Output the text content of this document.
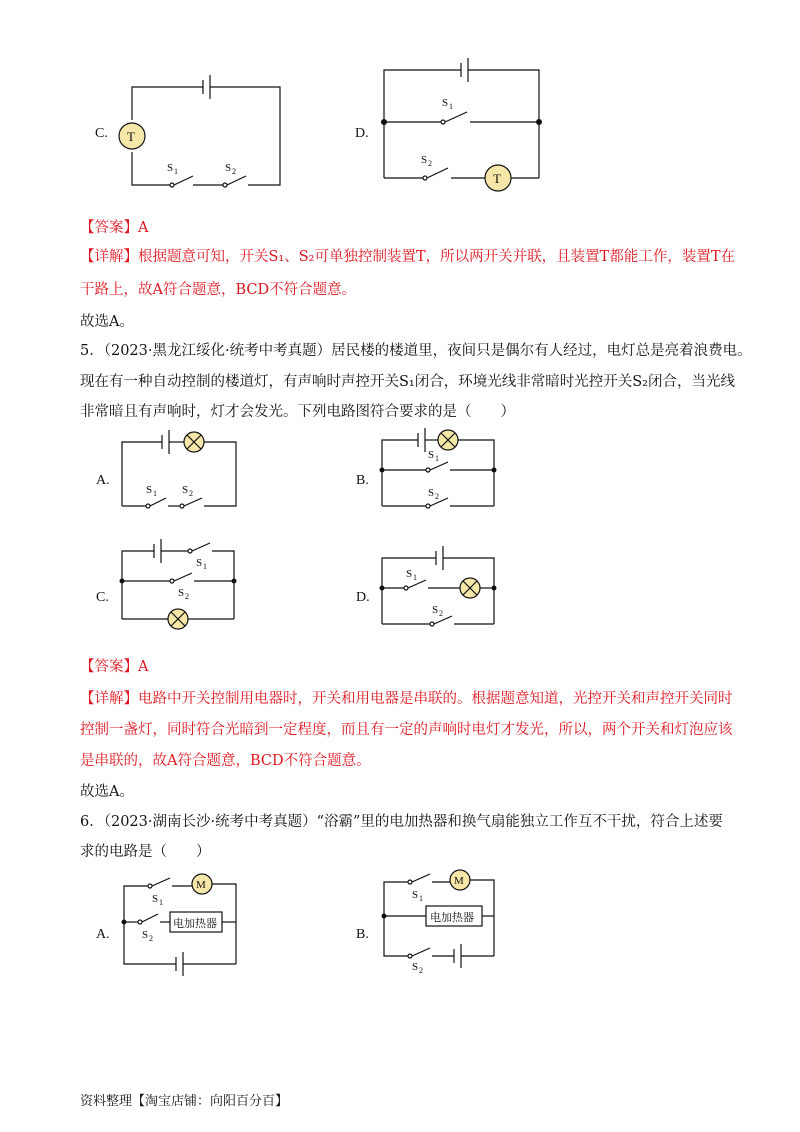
C. T
S 1	S 2
D.
S 1
T
S 2
【答案】A
【详解】根据题意可知，开关S₁、S₂可单独控制装置T，所以两开关并联，且装置T都能工作，装置T在
干路上，故A符合题意，BCD不符合题意。
故选A。
5．（2023·黑龙江绥化·统考中考真题）居民楼的楼道里，夜间只是偶尔有人经过，电灯总是亮着浪费电。
现在有一种自动控制的楼道灯，有声响时声控开关S₁闭合，环境光线非常暗时光控开关S₂闭合，当光线
非常暗且有声响时，灯才会发光。下列电路图符合要求的是（　　）
A.
S 1 S 2
B.
S 1
S 2
C.
S 1
S 2	D.
S 1
S 2
【答案】A
【详解】电路中开关控制用电器时，开关和用电器是串联的。根据题意知道，光控开关和声控开关同时
控制一盏灯，同时符合光暗到一定程度，而且有一定的声响时电灯才发光，所以，两个开关和灯泡应该
是串联的，故A符合题意，BCD不符合题意。
故选A。
6．（2023·湖南长沙·统考中考真题）“浴霸”里的电加热器和换气扇能独立工作互不干扰，符合上述要
求的电路是（　　）
A.
M
S 1
电加热器
S 2	B.
M
S 1
电加热器
S 2
资料整理【淘宝店铺：向阳百分百】
